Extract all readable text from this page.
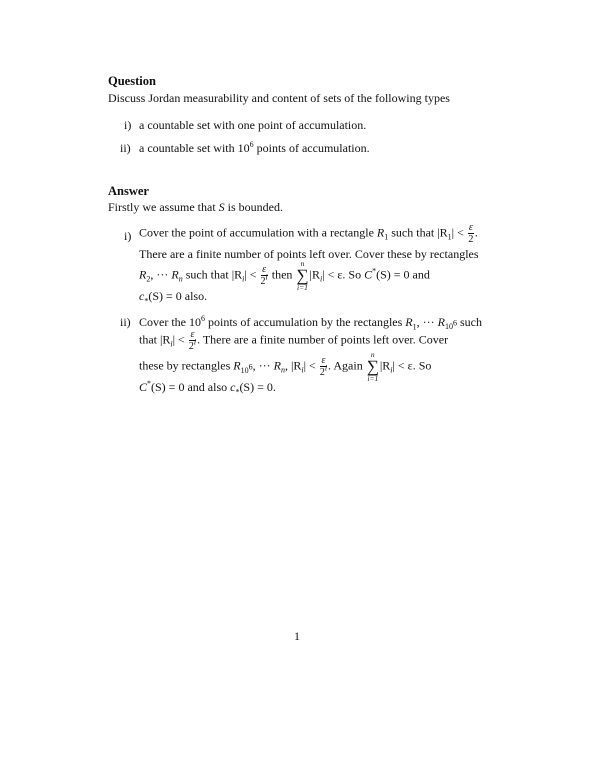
Question
Discuss Jordan measurability and content of sets of the following types
i) a countable set with one point of accumulation.
ii) a countable set with $10^6$ points of accumulation.
Answer
Firstly we assume that S is bounded.
i) Cover the point of accumulation with a rectangle $R_1$ such that $|R_1| < \frac{\varepsilon}{2}$ .
There are a finite number of points left over. Cover these by rectangles
$R_2$, ··· $R_n$ such that $|R_i| < \frac{\varepsilon}{2^i}$ then
n
∑
i=1
$|R_i| < \varepsilon$. So C*(S) = 0 and
$c_*(S) = 0$ also.
ii) Cover the $10^6$ points of accumulation by the rectangles $R_1$, ··· $R_{10^6}$ such
that $|R_i| < \frac{\varepsilon}{2^i}$ . There are a finite number of points left over. Cover
these by rectangles $R_{10^6}$, ··· $R_n$, $|R_i| < \frac{\varepsilon}{2^i}$ . Again
n
∑
i=1
$|R_i| < \varepsilon$. So
C*(S) = 0 and also $c_*(S) = 0$.
1
